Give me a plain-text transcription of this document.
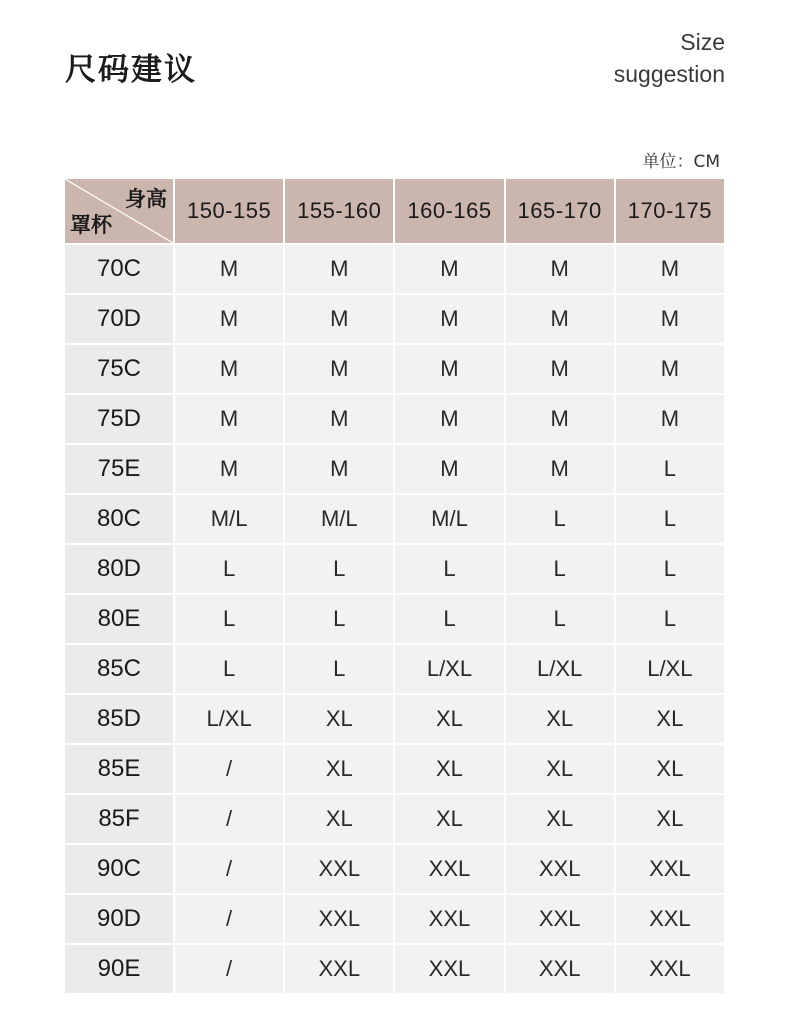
尺码建议
Size
suggestion
单位：CM
身高
罩杯	150-155	155-160	160-165	165-170	170-175
70C	M	M	M	M	M
70D	M	M	M	M	M
75C	M	M	M	M	M
75D	M	M	M	M	M
75E	M	M	M	M	L
80C	M/L	M/L	M/L	L	L
80D	L	L	L	L	L
80E	L	L	L	L	L
85C	L	L	L/XL	L/XL	L/XL
85D	L/XL	XL	XL	XL	XL
85E	/	XL	XL	XL	XL
85F	/	XL	XL	XL	XL
90C	/	XXL	XXL	XXL	XXL
90D	/	XXL	XXL	XXL	XXL
90E	/	XXL	XXL	XXL	XXL
